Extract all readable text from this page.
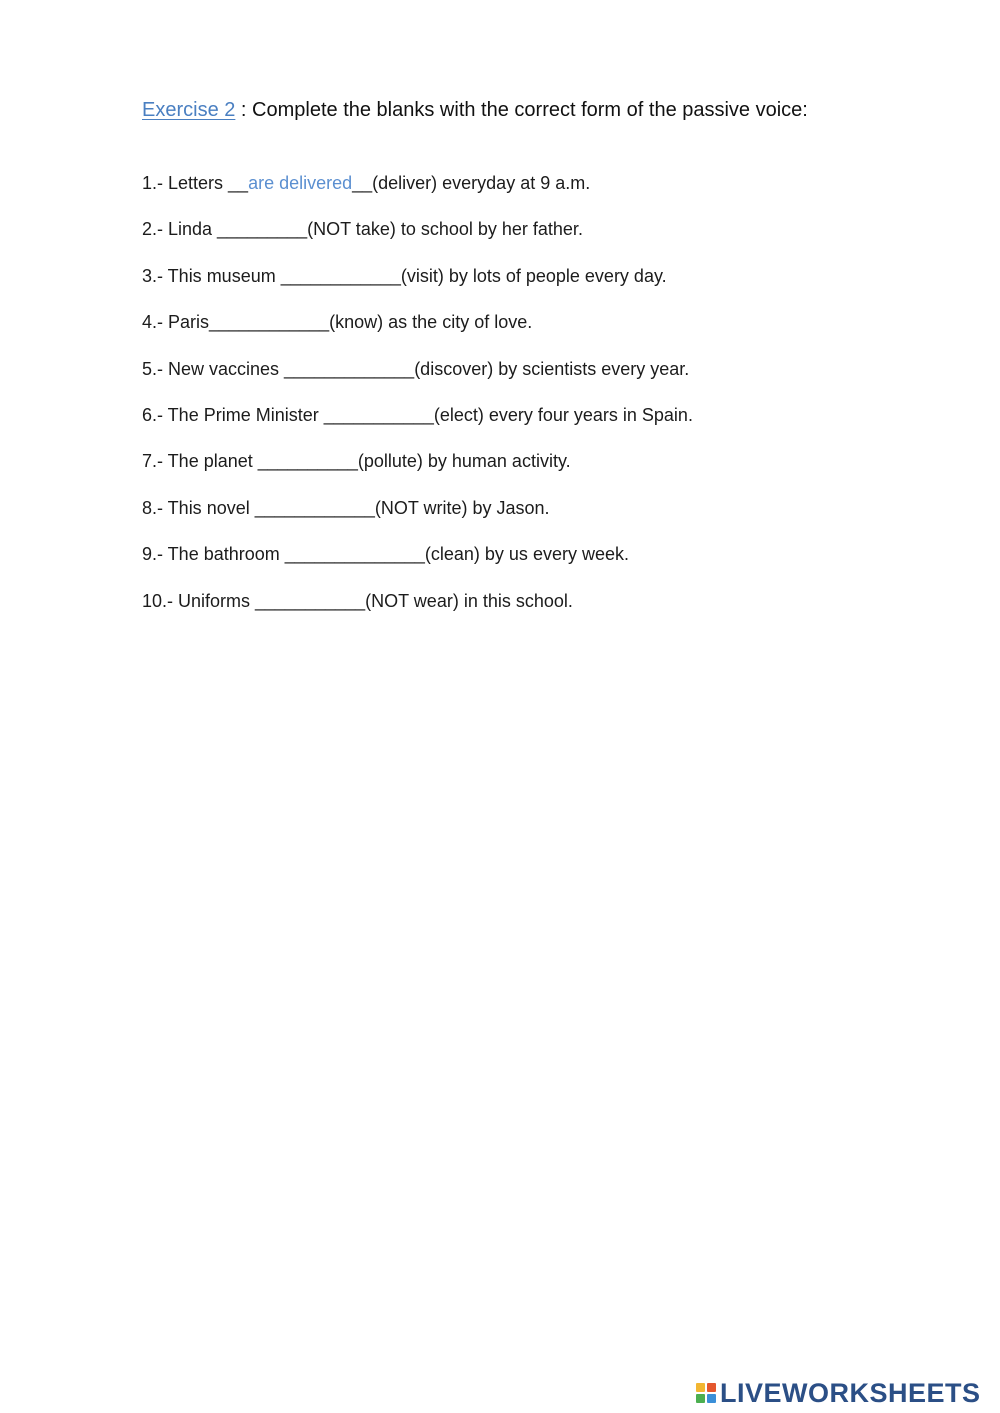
Exercise 2 : Complete the blanks with the correct form of the passive voice:
1.- Letters __are delivered__(deliver) everyday at 9 a.m.
2.- Linda _________(NOT take) to school by her father.
3.- This museum ____________(visit) by lots of people every day.
4.- Paris____________(know) as the city of love.
5.- New vaccines _____________(discover) by scientists every year.
6.- The Prime Minister ___________(elect) every four years in Spain.
7.- The planet __________(pollute) by human activity.
8.- This novel ____________(NOT write) by Jason.
9.- The bathroom ______________(clean) by us every week.
10.- Uniforms ___________(NOT wear) in this school.
LIVEWORKSHEETS
